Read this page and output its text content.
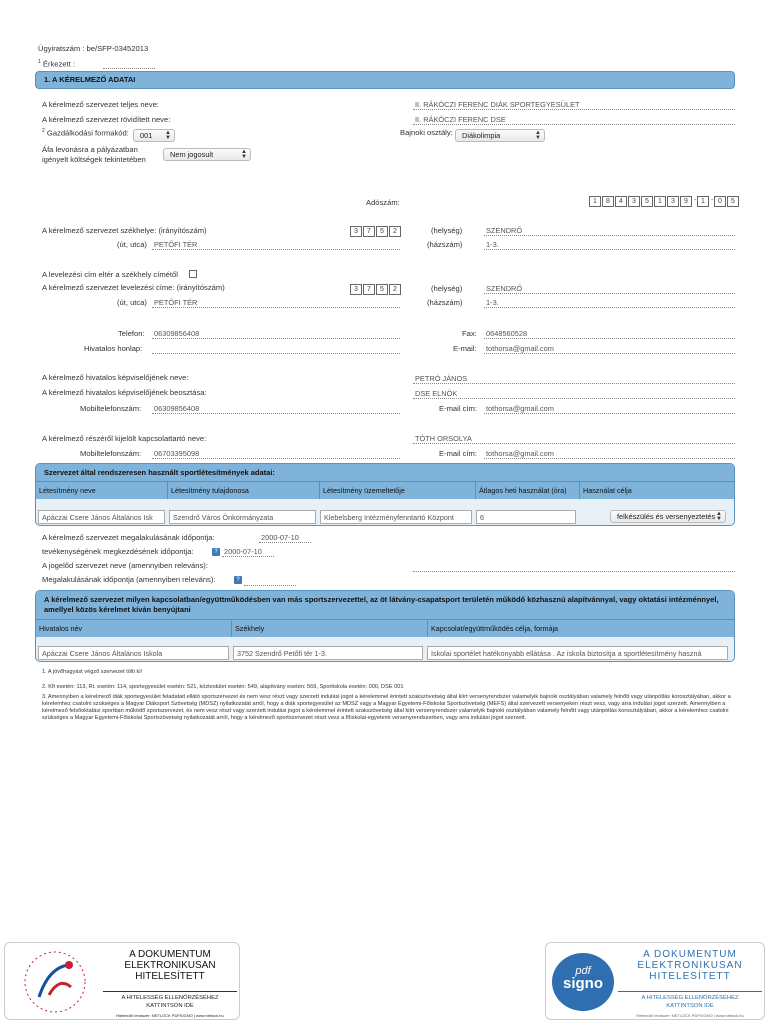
Ügyiratszám : be/SFP-03452013
$^1$ Érkezett :
1. A KÉRELMEZŐ ADATAI
A kérelmező szervezet teljes neve:	II. RÁKÓCZI FERENC DIÁK SPORTEGYESÜLET
A kérelmező szervezet rövidített neve:	II. RÁKÓCZI FERENC DSE
$^2$ Gazdálkodási formakód:	001 ▲
▼
Bajnoki osztály:	Diákolimpia	▲
▼
Áfa levonásra a pályázatban
igényelt költségek tekintetében
Nem jogosult	▲
▼
Adószám:	1	8	4	3	5	1	3	9 - 1 - 0	5
A kérelmező szervezet székhelye: (irányítószám)	3	7	5	2	(helység)	SZENDRŐ
(út, utca) PETŐFI TÉR	(házszám)	1-3.
A levelezési cím eltér a székhely címétől
A kérelmező szervezet levelezési címe: (irányítószám)	3	7	5	2	(helység)	SZENDRŐ
(út, utca) PETŐFI TÉR	(házszám)	1-3.
Telefon: 06309856408	Fax: 0648560528
Hivatalos honlap:	E-mail: tothorsa@gmail.com
A kérelmező hivatalos képviselőjének neve:	PETRÓ JÁNOS
A kérelmező hivatalos képviselőjének beosztása:	DSE ELNÖK
Mobiltelefonszám: 06309856408	E-mail cím: tothorsa@gmail.com
A kérelmező részéről kijelölt kapcsolattartó neve:	TÓTH ORSOLYA
Mobiltelefonszám: 06703395098	E-mail cím: tothorsa@gmail.com
Szervezet által rendszeresen használt sportlétesítmények adatai:
Létesítmény neve	Létesítmény tulajdonosa	Létesítmény üzemeltetője	Átlagos heti használat (óra)	Használat célja
Apáczai Csere János Általános Isk	Szendrő Város Önkormányzata	Klebelsberg Intézményfenntartó Központ	6	felkészülés és versenyeztetés ▲
▼
A kérelmező szervezet megalakulásának időpontja:	2000-07-10
tevékenységének megkezdésének időpontja:	? 2000-07-10
A jogelőd szervezet neve (amennyiben releváns):
Megalakulásának időpontja (amennyiben releváns):	?
A kérelmező szervezet milyen kapcsolatban/együttműködésben van más sportszervezettel, az öt látvány-csapatsport területén működő közhasznú alapítvánnyal, vagy oktatási intézménnyel, amellyel közös kérelmet kíván benyújtani
Hivatalos név	Székhely	Kapcsolat/együttműködés célja, formája
Apáczai Csere János Általános Iskola	3752 Szendrő Petőfi tér 1-3.	Iskolai sportélet hatékonyabb ellátása . Az iskola biztosítja a sportlétesítmény haszná
1. A jövőhagyást végző szervezet tölti ki!
2. Kft esetén: 113, Rt. esetén: 114, sportegyesület esetén: 521, köztestület esetén: 549, alapítvány esetén: 569, Sportiskola esetén: 000, DSE 001
3. Amennyiben a kérelmező diák sportegyesület feladatait ellátó sportszervezet és nem vesz részt vagy szerzett indulási jogot a kérelemmel érintett szakszövetség által kiírt versenyrendszer valamelyik bajnoki osztályában valamely felnőtt vagy utánpótlás korosztályában, akkor a kérelemhez csatolni szükséges a Magyar Diáksport Szövetség (MDSZ) nyilatkozatát arról, hogy a diák sportegyesület az MDSZ vagy a Magyar Egyetemi-Főiskolai Sportszövetség (MEFS) által szervezett versenyeken részt vesz, vagy arra indulási jogot szerzett. Amennyiben a kérelmező felsőoktatási sportban működő sportszervezet, és nem vesz részt vagy szerzett indulási jogot a kérelemmel érintett szakszövetség által kiírt versenyrendszer valamelyik bajnoki osztályában valamely felnőtt vagy utánpótlás korosztályában, akkor a kérelemhez csatolni szükséges a Magyar Egyetemi-Főiskolai Sportszövetség nyilatkozatát arról, hogy a kérelmező sportszervezet részt vesz a főiskolai-egyetemi versenyrendszerben, vagy arra indulási jogot szerzett.
A DOKUMENTUM
ELEKTRONIKUSAN
HITELESÍTETT
A HITELESSÉG ELLENŐRZÉSÉHEZ
KATTINTSON IDE
Hitelesítő rendszer: NETLOCK PDFSIGNO | www.netlock.hu
pdf
signo
A DOKUMENTUM
ELEKTRONIKUSAN
HITELESÍTETT
A HITELESSÉG ELLENŐRZÉSÉHEZ
KATTINTSON IDE
Hitelesítő rendszer: NETLOCK PDFSIGNO | www.netlock.hu
